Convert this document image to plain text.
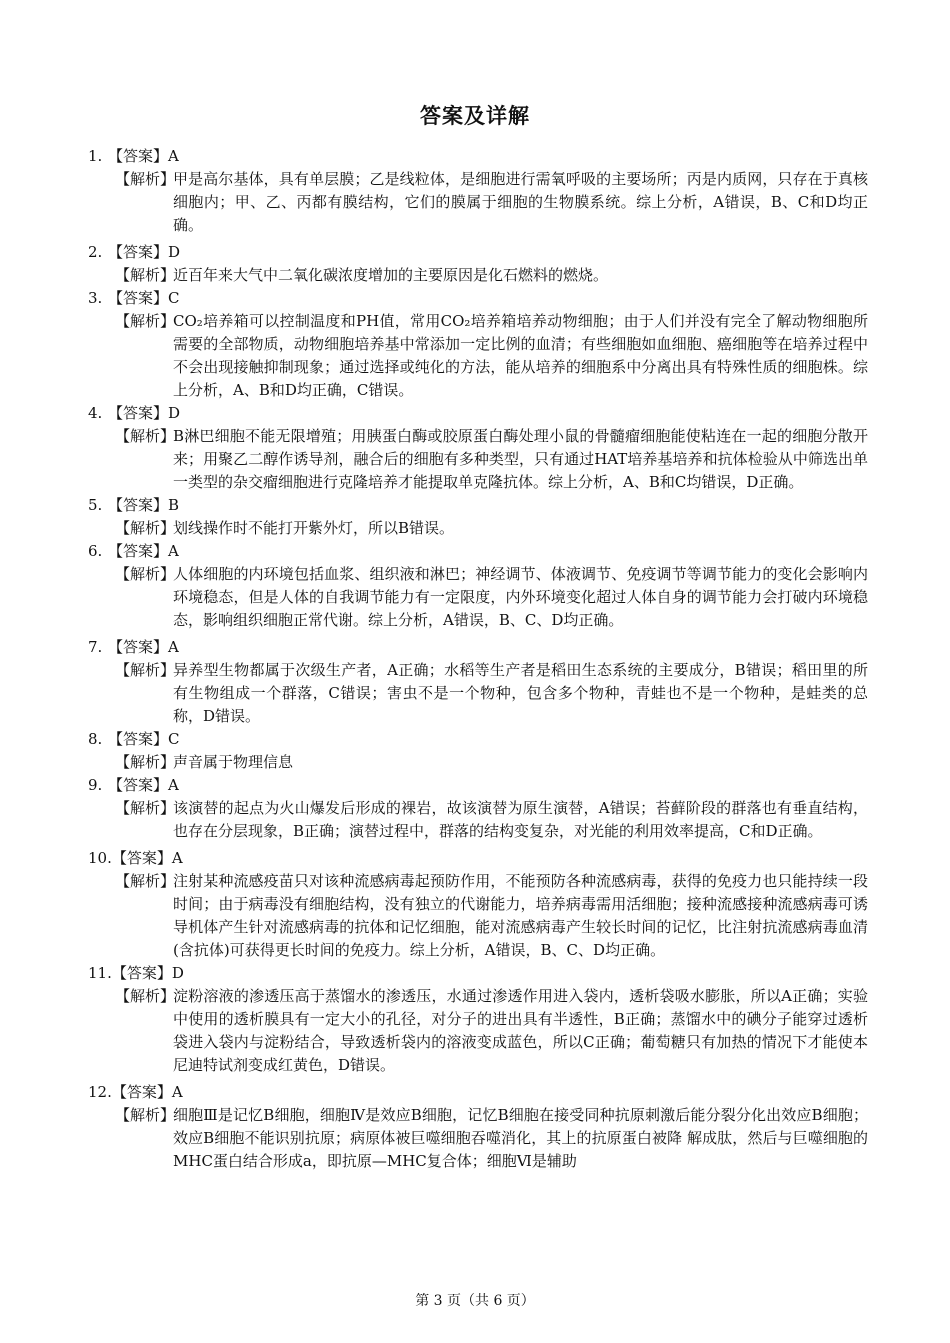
答案及详解
1. 【答案】A
【解析】
甲是高尔基体，具有单层膜；乙是线粒体，是细胞进行需氧呼吸的主要场所；丙是内质网，只存在于真核细胞内；甲、乙、丙都有膜结构，它们的膜属于细胞的生物膜系统。综上分析，A错误，B、C和D均正确。
2. 【答案】D
【解析】
近百年来大气中二氧化碳浓度增加的主要原因是化石燃料的燃烧。
3. 【答案】C
【解析】
CO₂培养箱可以控制温度和PH值，常用CO₂培养箱培养动物细胞；由于人们并没有完全了解动物细胞所需要的全部物质，动物细胞培养基中常添加一定比例的血清；有些细胞如血细胞、癌细胞等在培养过程中不会出现接触抑制现象；通过选择或纯化的方法，能从培养的细胞系中分离出具有特殊性质的细胞株。综上分析，A、B和D均正确，C错误。
4. 【答案】D
【解析】
B淋巴细胞不能无限增殖；用胰蛋白酶或胶原蛋白酶处理小鼠的骨髓瘤细胞能使粘连在一起的细胞分散开来；用聚乙二醇作诱导剂，融合后的细胞有多种类型，只有通过HAT培养基培养和抗体检验从中筛选出单一类型的杂交瘤细胞进行克隆培养才能提取单克隆抗体。综上分析，A、B和C均错误，D正确。
5. 【答案】B
【解析】
划线操作时不能打开紫外灯，所以B错误。
6. 【答案】A
【解析】
人体细胞的内环境包括血浆、组织液和淋巴；神经调节、体液调节、免疫调节等调节能力的变化会影响内环境稳态，但是人体的自我调节能力有一定限度，内外环境变化超过人体自身的调节能力会打破内环境稳态，影响组织细胞正常代谢。综上分析，A错误，B、C、D均正确。
7. 【答案】A
【解析】
异养型生物都属于次级生产者，A正确；水稻等生产者是稻田生态系统的主要成分，B错误；稻田里的所有生物组成一个群落，C错误；害虫不是一个物种，包含多个物种，青蛙也不是一个物种，是蛙类的总称，D错误。
8. 【答案】C
【解析】
声音属于物理信息
9. 【答案】A
【解析】
该演替的起点为火山爆发后形成的裸岩，故该演替为原生演替，A错误；苔藓阶段的群落也有垂直结构，也存在分层现象，B正确；演替过程中，群落的结构变复杂，对光能的利用效率提高，C和D正确。
10.【答案】A
【解析】
注射某种流感疫苗只对该种流感病毒起预防作用，不能预防各种流感病毒，获得的免疫力也只能持续一段时间；由于病毒没有细胞结构，没有独立的代谢能力，培养病毒需用活细胞；接种流感接种流感病毒可诱导机体产生针对流感病毒的抗体和记忆细胞，能对流感病毒产生较长时间的记忆，比注射抗流感病毒血清(含抗体)可获得更长时间的免疫力。综上分析，A错误，B、C、D均正确。
11.【答案】D
【解析】
淀粉溶液的渗透压高于蒸馏水的渗透压，水通过渗透作用进入袋内，透析袋吸水膨胀，所以A正确；实验中使用的透析膜具有一定大小的孔径，对分子的进出具有半透性，B正确；蒸馏水中的碘分子能穿过透析袋进入袋内与淀粉结合，导致透析袋内的溶液变成蓝色，所以C正确；葡萄糖只有加热的情况下才能使本尼迪特试剂变成红黄色，D错误。
12.【答案】A
【解析】
细胞Ⅲ是记忆B细胞，细胞Ⅳ是效应B细胞，记忆B细胞在接受同种抗原刺激后能分裂分化出效应B细胞；效应B细胞不能识别抗原；病原体被巨噬细胞吞噬消化，其上的抗原蛋白被降 解成肽，然后与巨噬细胞的MHC蛋白结合形成a，即抗原—MHC复合体；细胞Ⅵ是辅助
第 3 页（共 6 页）
